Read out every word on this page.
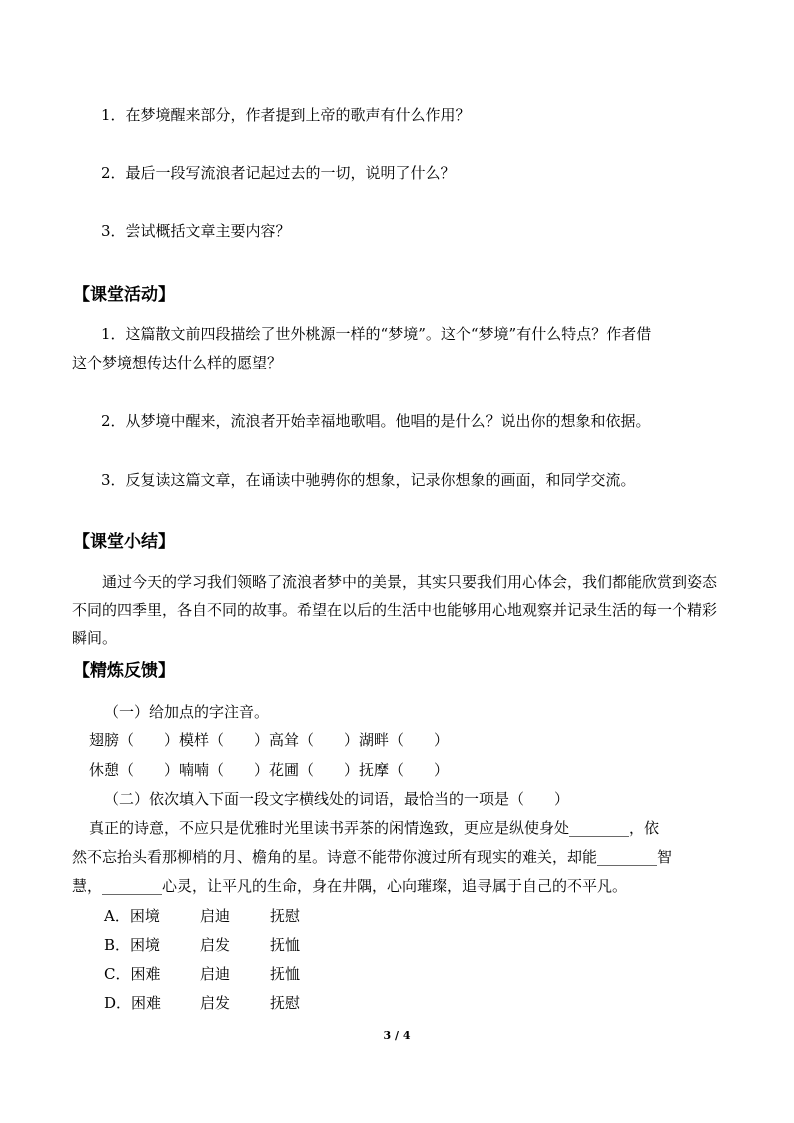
1．在梦境醒来部分，作者提到上帝的歌声有什么作用？
2．最后一段写流浪者记起过去的一切，说明了什么？
3．尝试概括文章主要内容？
【课堂活动】
1．这篇散文前四段描绘了世外桃源一样的“梦境”。这个“梦境”有什么特点？作者借
这个梦境想传达什么样的愿望？
2．从梦境中醒来，流浪者开始幸福地歌唱。他唱的是什么？说出你的想象和依据。
3．反复读这篇文章，在诵读中驰骋你的想象，记录你想象的画面，和同学交流。
【课堂小结】
通过今天的学习我们领略了流浪者梦中的美景，其实只要我们用心体会，我们都能欣赏到姿态不同的四季里，各自不同的故事。希望在以后的生活中也能够用心地观察并记录生活的每一个精彩瞬间。
【精炼反馈】
（一）给加点的字注音。
翅膀（　　）模样（　　）高耸（　　）湖畔（　　）
休憩（　　）喃喃（　　）花圃（　　）抚摩（　　）
（二）依次填入下面一段文字横线处的词语，最恰当的一项是（　　）
真正的诗意，不应只是优雅时光里读书弄茶的闲情逸致，更应是纵使身处________，依
然不忘抬头看那柳梢的月、檐角的星。诗意不能带你渡过所有现实的难关，却能________智
慧，________心灵，让平凡的生命，身在井隅，心向璀璨，追寻属于自己的不平凡。
A．困境	启迪	抚慰
B．困境	启发	抚恤
C．困难	启迪	抚恤
D．困难	启发	抚慰
3 / 4
